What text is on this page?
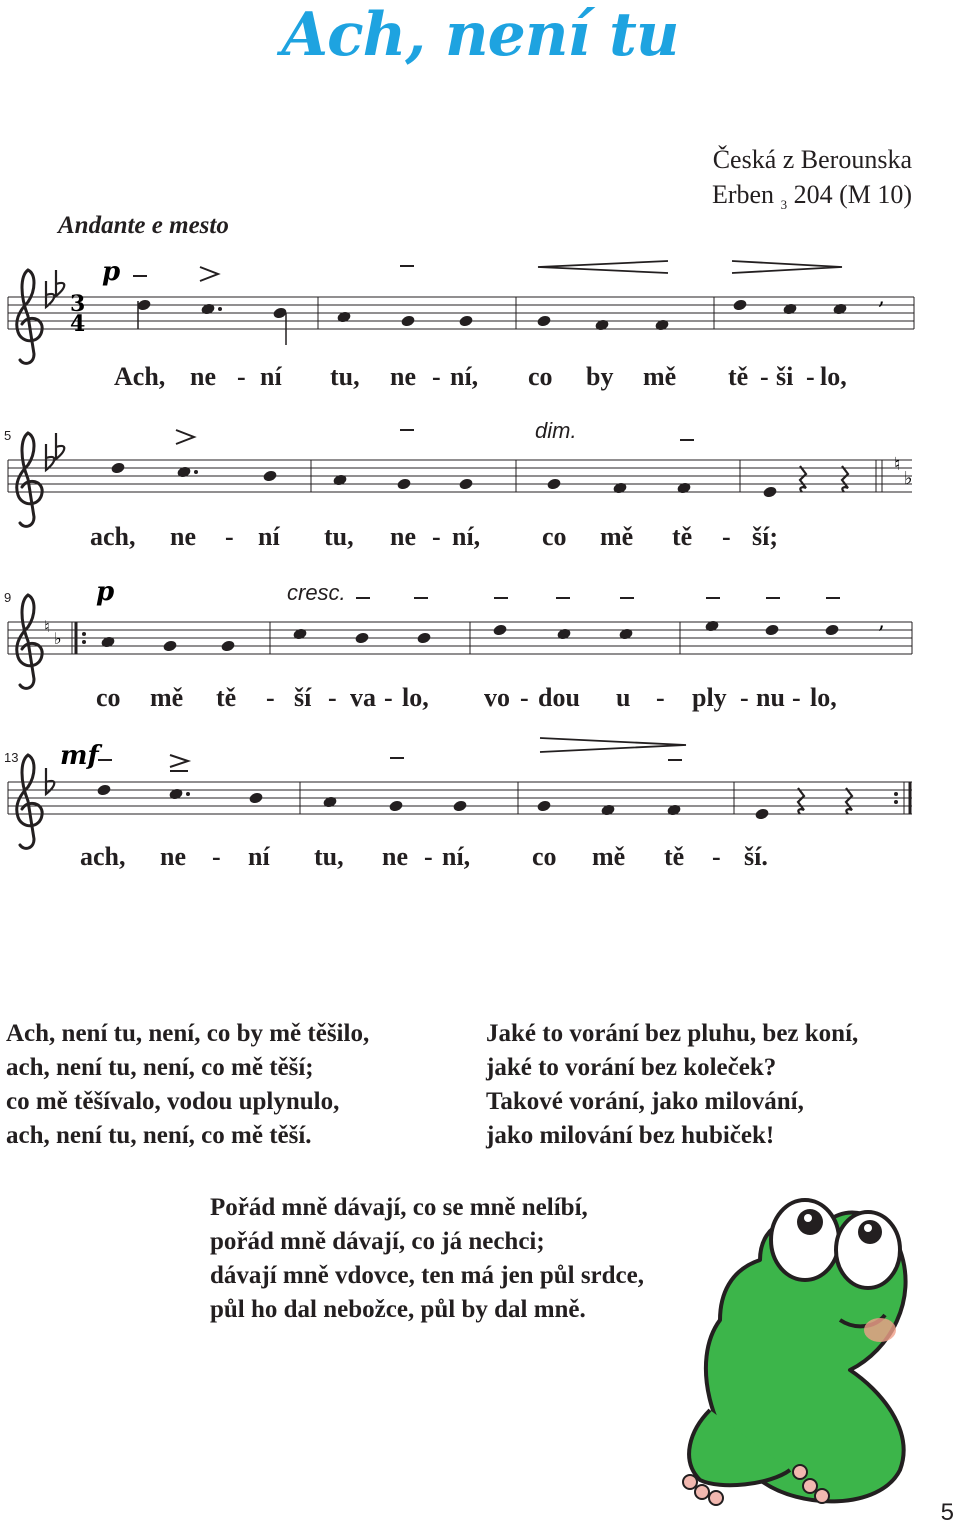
Ach, není tu
Česká z Berounska
Erben $_3$ 204 (M 10)
Andante e mesto
3
4
p
,
♮
♭
♮
♭
p
,
mf
5
9
13
dim.
cresc.
Ach, ne - ní tu, ne - ní, co by mě tě - ši - lo,
ach, ne - ní tu, ne - ní, co mě tě - ší;
co mě tě - ší - va - lo, vo - dou u - ply - nu - lo,
ach, ne - ní tu, ne - ní, co mě tě - ší.
Ach, není tu, není, co by mě těšilo,
ach, není tu, není, co mě těší;
co mě těšívalo, vodou uplynulo,
ach, není tu, není, co mě těší.
Jaké to vorání bez pluhu, bez koní,
jaké to vorání bez koleček?
Takové vorání, jako milování,
jako milování bez hubiček!
Pořád mně dávají, co se mně nelíbí,
pořád mně dávají, co já nechci;
dávají mně vdovce, ten má jen půl srdce,
půl ho dal nebožce, půl by dal mně.
5
